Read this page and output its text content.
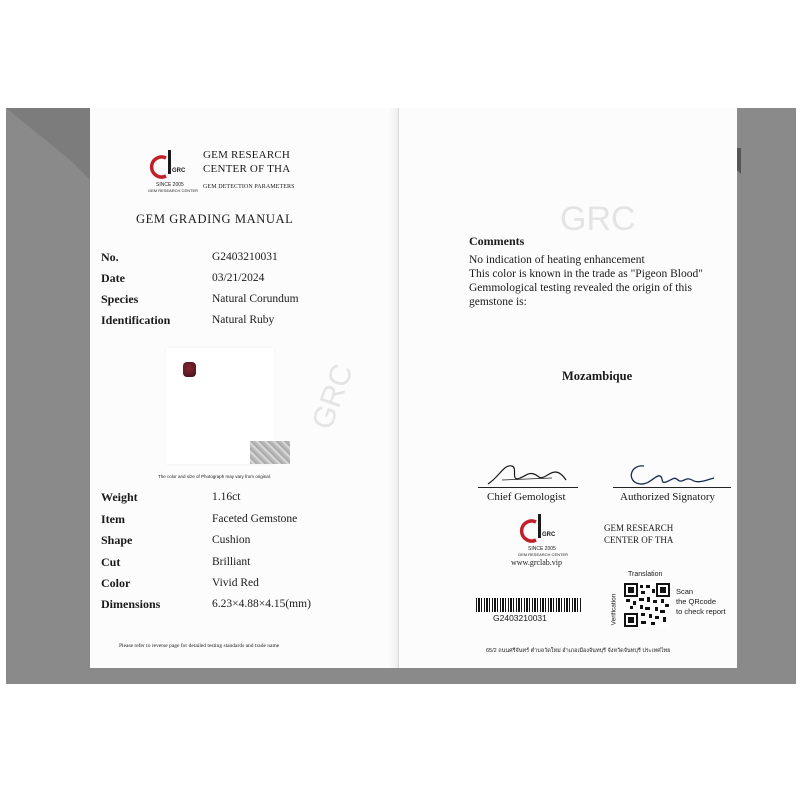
GRC
GRC
GRC
SINCE 2005
GEM RESEARCH CENTER
GEM RESEARCH
CENTER OF THA
GEM DETECTION PARAMETERS
GEM GRADING MANUAL
No.	G2403210031
Date	03/21/2024
Species	Natural Corundum
Identification	Natural Ruby
The color and size of Photograph may vary from original.
Weight	1.16ct
Item	Faceted Gemstone
Shape	Cushion
Cut	Brilliant
Color	Vivid Red
Dimensions	6.23×4.88×4.15(mm)
Please refer to reverse page for detailed testing standards and trade name
Comments
No indication of heating enhancement
This color is known in the trade as "Pigeon Blood"
Gemmological testing revealed the origin of this
gemstone is:
Mozambique
Chief Gemologist	Authorized Signatory
GRC
SINCE 2005
GEM RESEARCH CENTER
www.grclab.vip
GEM RESEARCH
CENTER OF THA
G2403210031
Translation
Verification
Scan
the QRcode
to check report
65/2 ถนนศรีจันทร์ ตำบลวัดใหม่ อำเภอเมืองจันทบุรี จังหวัดจันทบุรี ประเทศไทย
